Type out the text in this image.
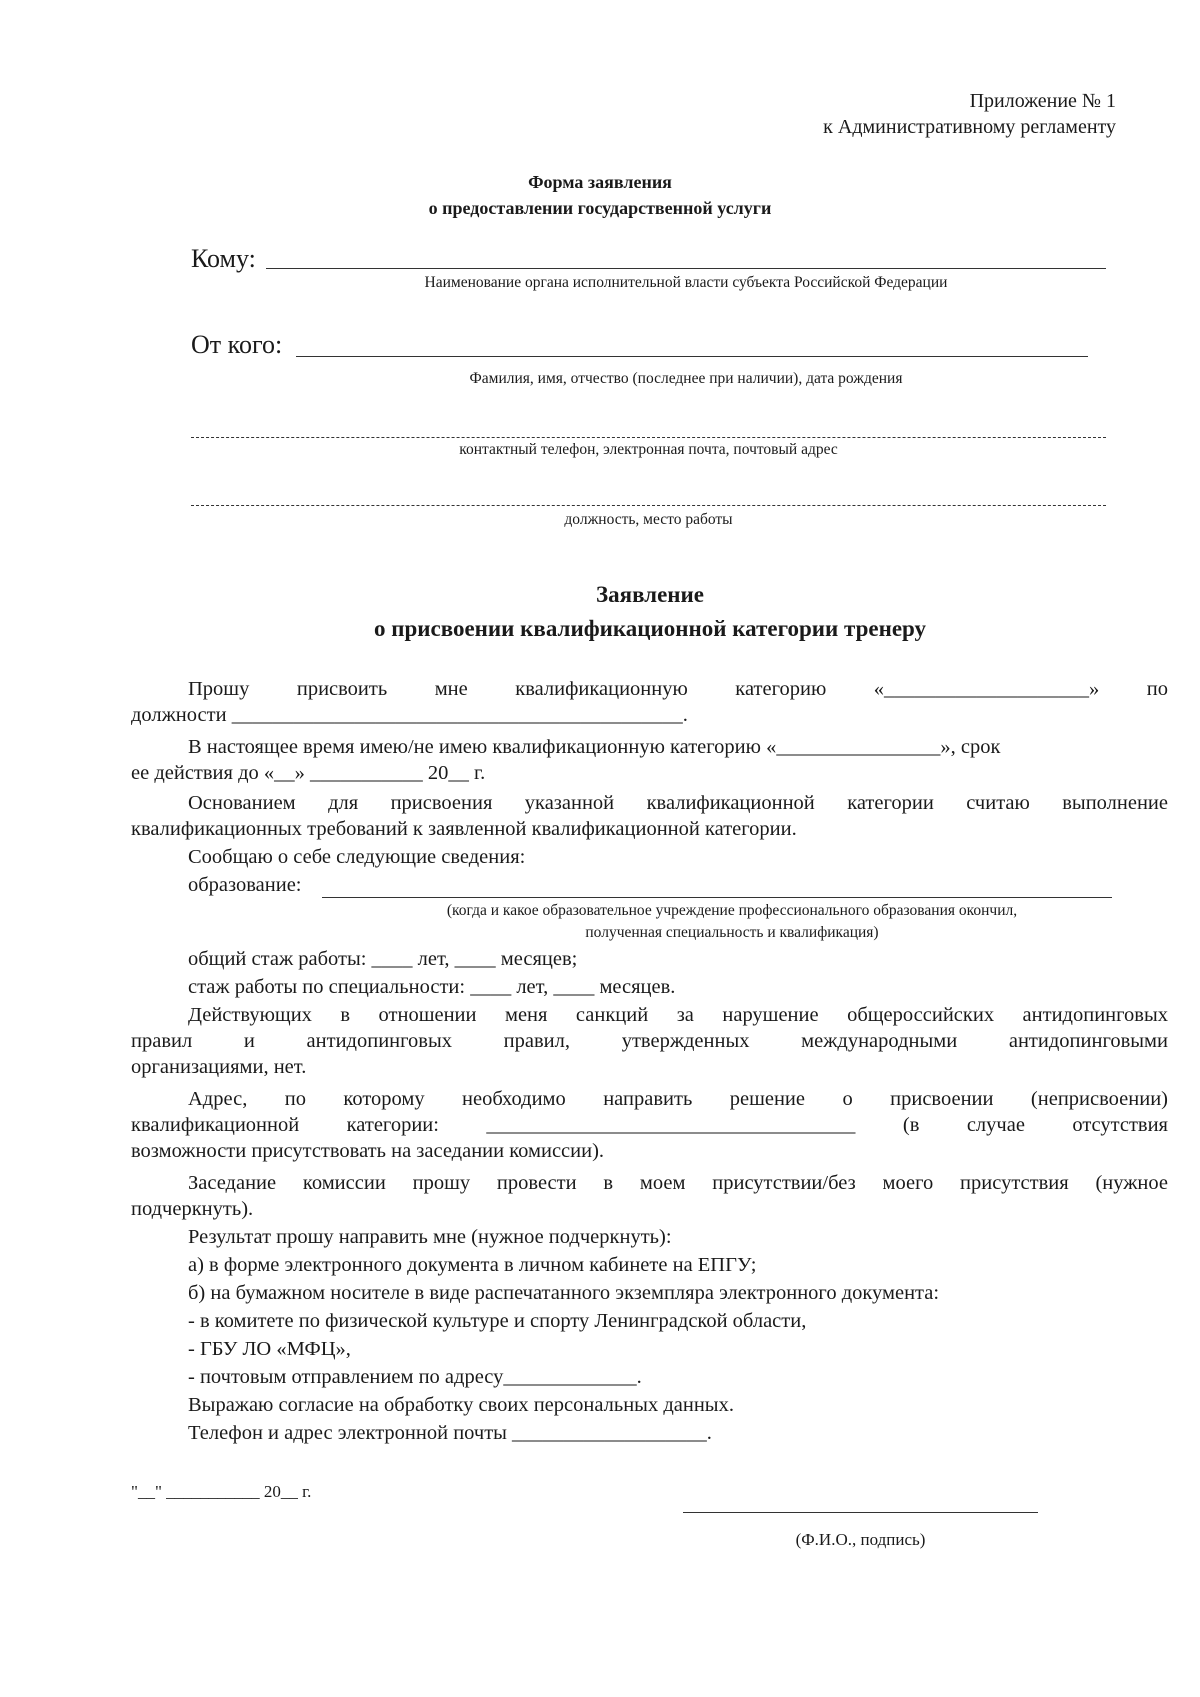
Приложение № 1
к Административному регламенту
Форма заявления
о предоставлении государственной услуги
Кому:
Наименование органа исполнительной власти субъекта Российской Федерации
От кого:
Фамилия, имя, отчество (последнее при наличии), дата рождения
контактный телефон, электронная почта, почтовый адрес
должность, место работы
Заявление
о присвоении квалификационной категории тренеру
Прошу присвоить мне квалификационную категорию «____________________» по
должности ____________________________________________.
В настоящее время имею/не имею квалификационную категорию «________________», срок
ее действия до «__» ___________ 20__ г.
Основанием для присвоения указанной квалификационной категории считаю выполнение
квалификационных требований к заявленной квалификационной категории.
Сообщаю о себе следующие сведения:
образование:
(когда и какое образовательное учреждение профессионального образования окончил,
полученная специальность и квалификация)
общий стаж работы: ____ лет, ____ месяцев;
стаж работы по специальности: ____ лет, ____ месяцев.
Действующих в отношении меня санкций за нарушение общероссийских антидопинговых
правил и антидопинговых правил, утвержденных международными антидопинговыми
организациями, нет.
Адрес, по которому необходимо направить решение о присвоении (неприсвоении)
квалификационной категории: ____________________________________ (в случае отсутствия
возможности присутствовать на заседании комиссии).
Заседание комиссии прошу провести в моем присутствии/без моего присутствия (нужное
подчеркнуть).
Результат прошу направить мне (нужное подчеркнуть):
а) в форме электронного документа в личном кабинете на ЕПГУ;
б) на бумажном носителе в виде распечатанного экземпляра электронного документа:
- в комитете по физической культуре и спорту Ленинградской области,
- ГБУ ЛО «МФЦ»,
- почтовым отправлением по адресу_____________.
Выражаю согласие на обработку своих персональных данных.
Телефон и адрес электронной почты ___________________.
"__" ___________ 20__ г.
(Ф.И.О., подпись)
